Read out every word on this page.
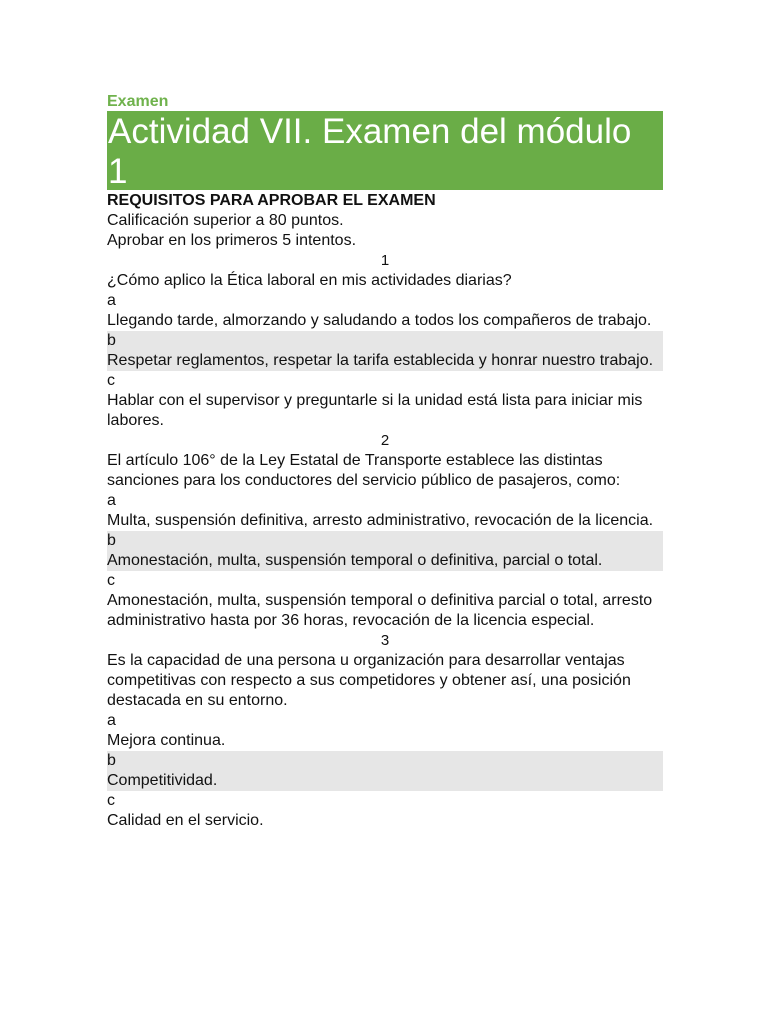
Examen
Actividad VII. Examen del módulo
1
REQUISITOS PARA APROBAR EL EXAMEN
Calificación superior a 80 puntos.
Aprobar en los primeros 5 intentos.
1
¿Cómo aplico la Ética laboral en mis actividades diarias?
a
Llegando tarde, almorzando y saludando a todos los compañeros de trabajo.
b
Respetar reglamentos, respetar la tarifa establecida y honrar nuestro trabajo.
c
Hablar con el supervisor y preguntarle si la unidad está lista para iniciar mis labores.
2
El artículo 106° de la Ley Estatal de Transporte establece las distintas sanciones para los conductores del servicio público de pasajeros, como:
a
Multa, suspensión definitiva, arresto administrativo, revocación de la licencia.
b
Amonestación, multa, suspensión temporal o definitiva, parcial o total.
c
Amonestación, multa, suspensión temporal o definitiva parcial o total, arresto administrativo hasta por 36 horas, revocación de la licencia especial.
3
Es la capacidad de una persona u organización para desarrollar ventajas competitivas con respecto a sus competidores y obtener así, una posición destacada en su entorno.
a
Mejora continua.
b
Competitividad.
c
Calidad en el servicio.
